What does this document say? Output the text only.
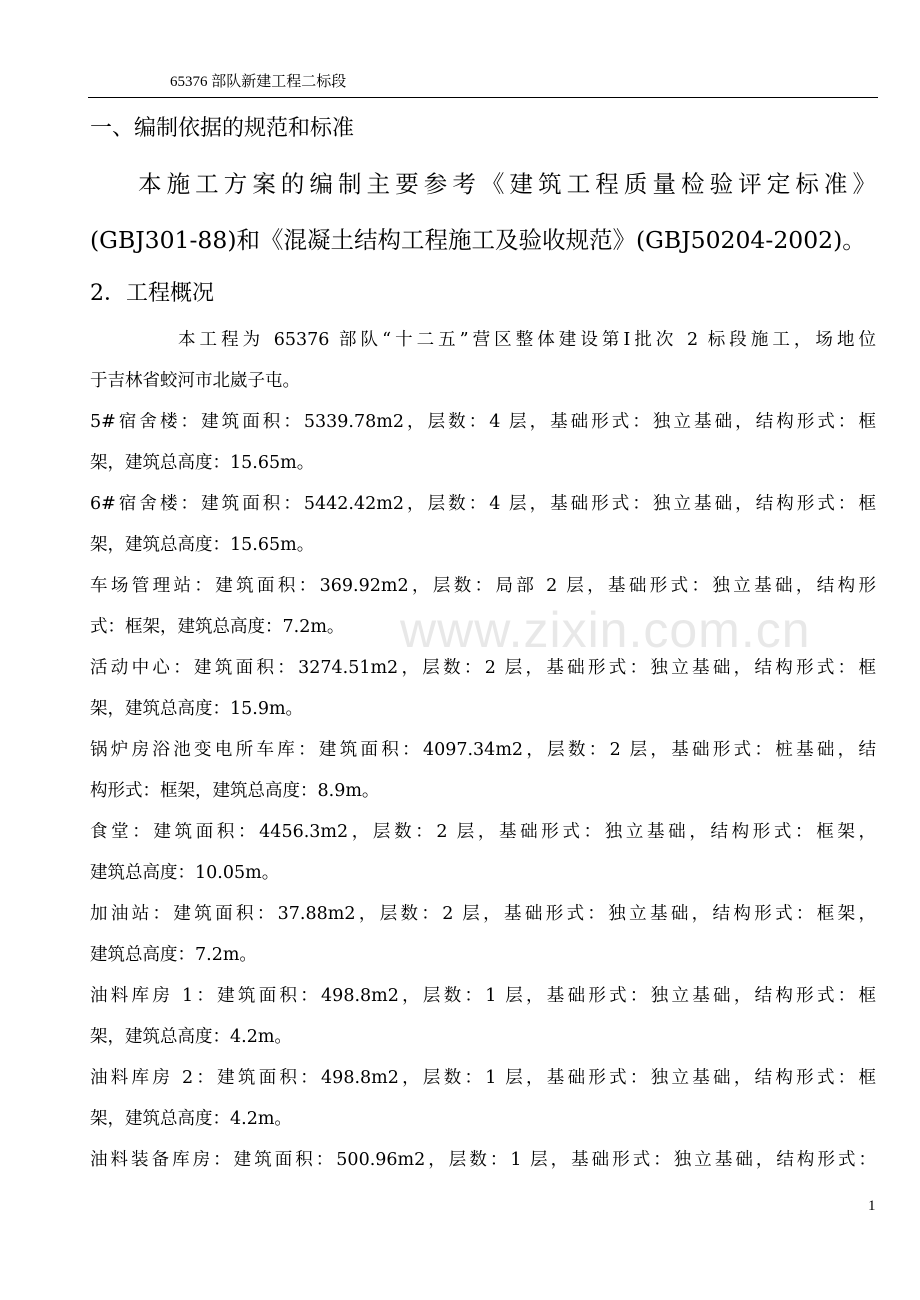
65376 部队新建工程二标段
一、编制依据的规范和标准
本施工方案的编制主要参考《建筑工程质量检验评定标准》
(GBJ301-88)和《混凝土结构工程施工及验收规范》(GBJ50204-2002)。
2．工程概况
本工程为 65376 部队“十二五”营区整体建设第Ⅰ批次 2 标段施工，场地位
于吉林省蛟河市北崴子屯。
5#宿舍楼：建筑面积：5339.78m2，层数：4 层，基础形式：独立基础，结构形式：框
架，建筑总高度：15.65m。
6#宿舍楼：建筑面积：5442.42m2，层数：4 层，基础形式：独立基础，结构形式：框
架，建筑总高度：15.65m。
车场管理站：建筑面积：369.92m2，层数：局部 2 层，基础形式：独立基础，结构形
式：框架，建筑总高度：7.2m。
活动中心：建筑面积：3274.51m2，层数：2 层，基础形式：独立基础，结构形式：框
架，建筑总高度：15.9m。
锅炉房浴池变电所车库：建筑面积：4097.34m2，层数：2 层，基础形式：桩基础，结
构形式：框架，建筑总高度：8.9m。
食堂：建筑面积：4456.3m2，层数：2 层，基础形式：独立基础，结构形式：框架，
建筑总高度：10.05m。
加油站：建筑面积：37.88m2，层数：2 层，基础形式：独立基础，结构形式：框架，
建筑总高度：7.2m。
油料库房 1：建筑面积：498.8m2，层数：1 层，基础形式：独立基础，结构形式：框
架，建筑总高度：4.2m。
油料库房 2：建筑面积：498.8m2，层数：1 层，基础形式：独立基础，结构形式：框
架，建筑总高度：4.2m。
油料装备库房：建筑面积：500.96m2，层数：1 层，基础形式：独立基础，结构形式：
www.zixin.com.cn
1
